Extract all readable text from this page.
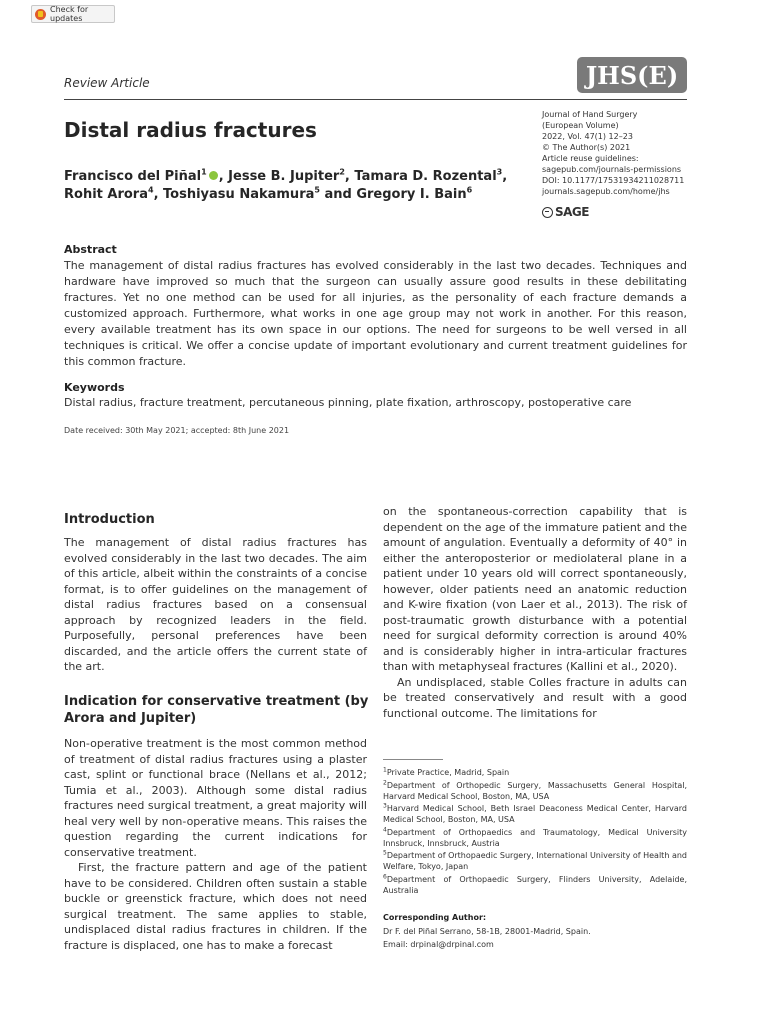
Check for updates
Review Article	JHS(E)
Distal radius fractures
Francisco del Piñal$^1$ , Jesse B. Jupiter$^2$, Tamara D. Rozental$^3$,
Rohit Arora$^4$, Toshiyasu Nakamura$^5$ and Gregory I. Bain$^6$
Journal of Hand Surgery
(European Volume)
2022, Vol. 47(1) 12–23
© The Author(s) 2021
Article reuse guidelines:
sagepub.com/journals-permissions
DOI: 10.1177/17531934211028711
journals.sagepub.com/home/jhs
SAGE
Abstract
The management of distal radius fractures has evolved considerably in the last two decades. Techniques and hardware have improved so much that the surgeon can usually assure good results in these debilitating fractures. Yet no one method can be used for all injuries, as the personality of each fracture demands a customized approach. Furthermore, what works in one age group may not work in another. For this reason, every available treatment has its own space in our options. The need for surgeons to be well versed in all techniques is critical. We offer a concise update of important evolutionary and current treatment guidelines for this common fracture.
Keywords
Distal radius, fracture treatment, percutaneous pinning, plate fixation, arthroscopy, postoperative care
Date received: 30th May 2021; accepted: 8th June 2021
Introduction

The management of distal radius fractures has evolved considerably in the last two decades. The aim of this article, albeit within the constraints of a concise format, is to offer guidelines on the management of distal radius fractures based on a consensual approach by recognized leaders in the field. Purposefully, personal preferences have been discarded, and the article offers the current state of the art.

Indication for conservative treatment (by Arora and Jupiter)

Non-operative treatment is the most common method of treatment of distal radius fractures using a plaster cast, splint or functional brace (Nellans et al., 2012; Tumia et al., 2003). Although some distal radius fractures need surgical treatment, a great majority will heal very well by non-operative means. This raises the question regarding the current indications for conservative treatment.

First, the fracture pattern and age of the patient have to be considered. Children often sustain a stable buckle or greenstick fracture, which does not need surgical treatment. The same applies to stable, undisplaced distal radius fractures in children. If the fracture is displaced, one has to make a forecast

on the spontaneous-correction capability that is dependent on the age of the immature patient and the amount of angulation. Eventually a deformity of 40° in either the anteroposterior or mediolateral plane in a patient under 10 years old will correct spontaneously, however, older patients need an anatomic reduction and K-wire fixation (von Laer et al., 2013). The risk of post-traumatic growth disturbance with a potential need for surgical deformity correction is around 40% and is considerably higher in intra-articular fractures than with metaphyseal fractures (Kallini et al., 2020).

An undisplaced, stable Colles fracture in adults can be treated conservatively and result with a good functional outcome. The limitations for

$^1$Private Practice, Madrid, Spain
$^2$Department of Orthopedic Surgery, Massachusetts General Hospital, Harvard Medical School, Boston, MA, USA
$^3$Harvard Medical School, Beth Israel Deaconess Medical Center, Harvard Medical School, Boston, MA, USA
$^4$Department of Orthopaedics and Traumatology, Medical University Innsbruck, Innsbruck, Austria
$^5$Department of Orthopaedic Surgery, International University of Health and Welfare, Tokyo, Japan
$^6$Department of Orthopaedic Surgery, Flinders University, Adelaide, Australia
Corresponding Author:
Dr F. del Piñal Serrano, 58-1B, 28001-Madrid, Spain.
Email: drpinal@drpinal.com
